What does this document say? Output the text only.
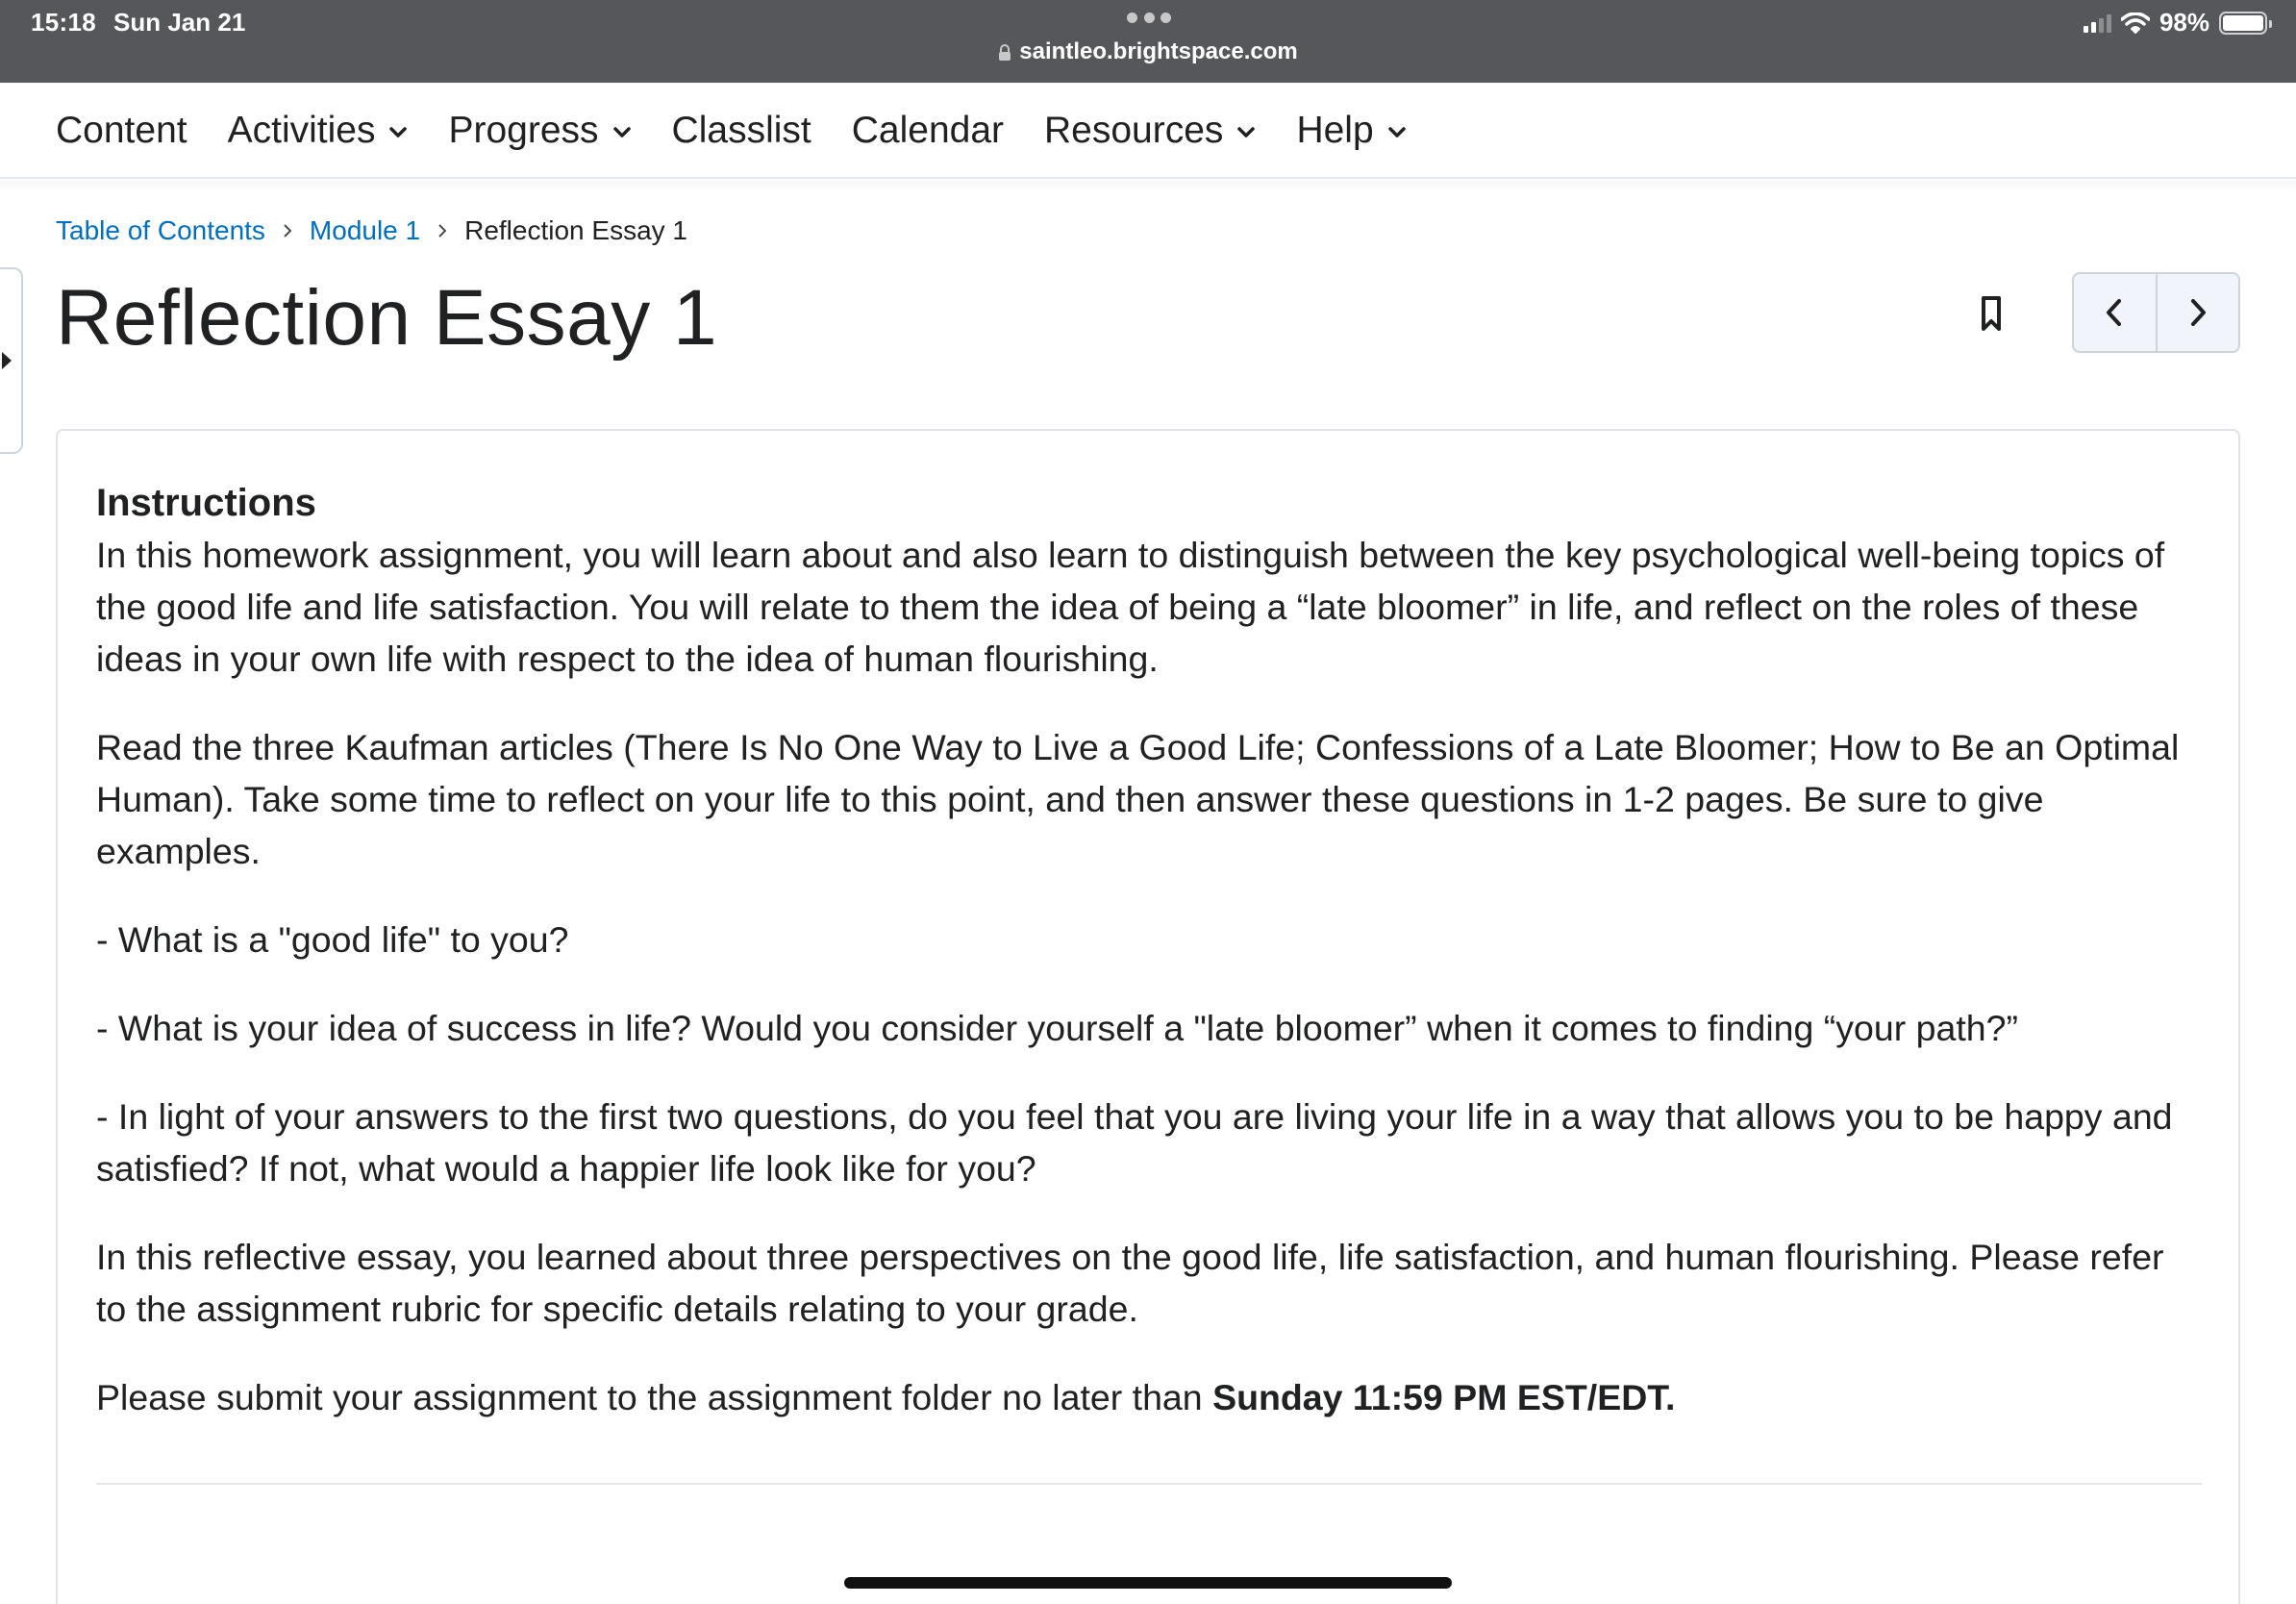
15:18 Sun Jan 21
saintleo.brightspace.com
98%
Content Activities Progress Classlist Calendar Resources Help
Table of Contents Module 1 Reflection Essay 1
Reflection Essay 1
Instructions

In this homework assignment, you will learn about and also learn to distinguish between the key psychological well-being topics of the good life and life satisfaction. You will relate to them the idea of being a “late bloomer” in life, and reflect on the roles of these ideas in your own life with respect to the idea of human flourishing.

Read the three Kaufman articles (There Is No One Way to Live a Good Life; Confessions of a Late Bloomer; How to Be an Optimal Human). Take some time to reflect on your life to this point, and then answer these questions in 1-2 pages. Be sure to give examples.

- What is a "good life" to you?

- What is your idea of success in life? Would you consider yourself a "late bloomer” when it comes to finding “your path?”

- In light of your answers to the first two questions, do you feel that you are living your life in a way that allows you to be happy and satisfied? If not, what would a happier life look like for you?

In this reflective essay, you learned about three perspectives on the good life, life satisfaction, and human flourishing. Please refer to the assignment rubric for specific details relating to your grade.

Please submit your assignment to the assignment folder no later than Sunday 11:59 PM EST/EDT.
